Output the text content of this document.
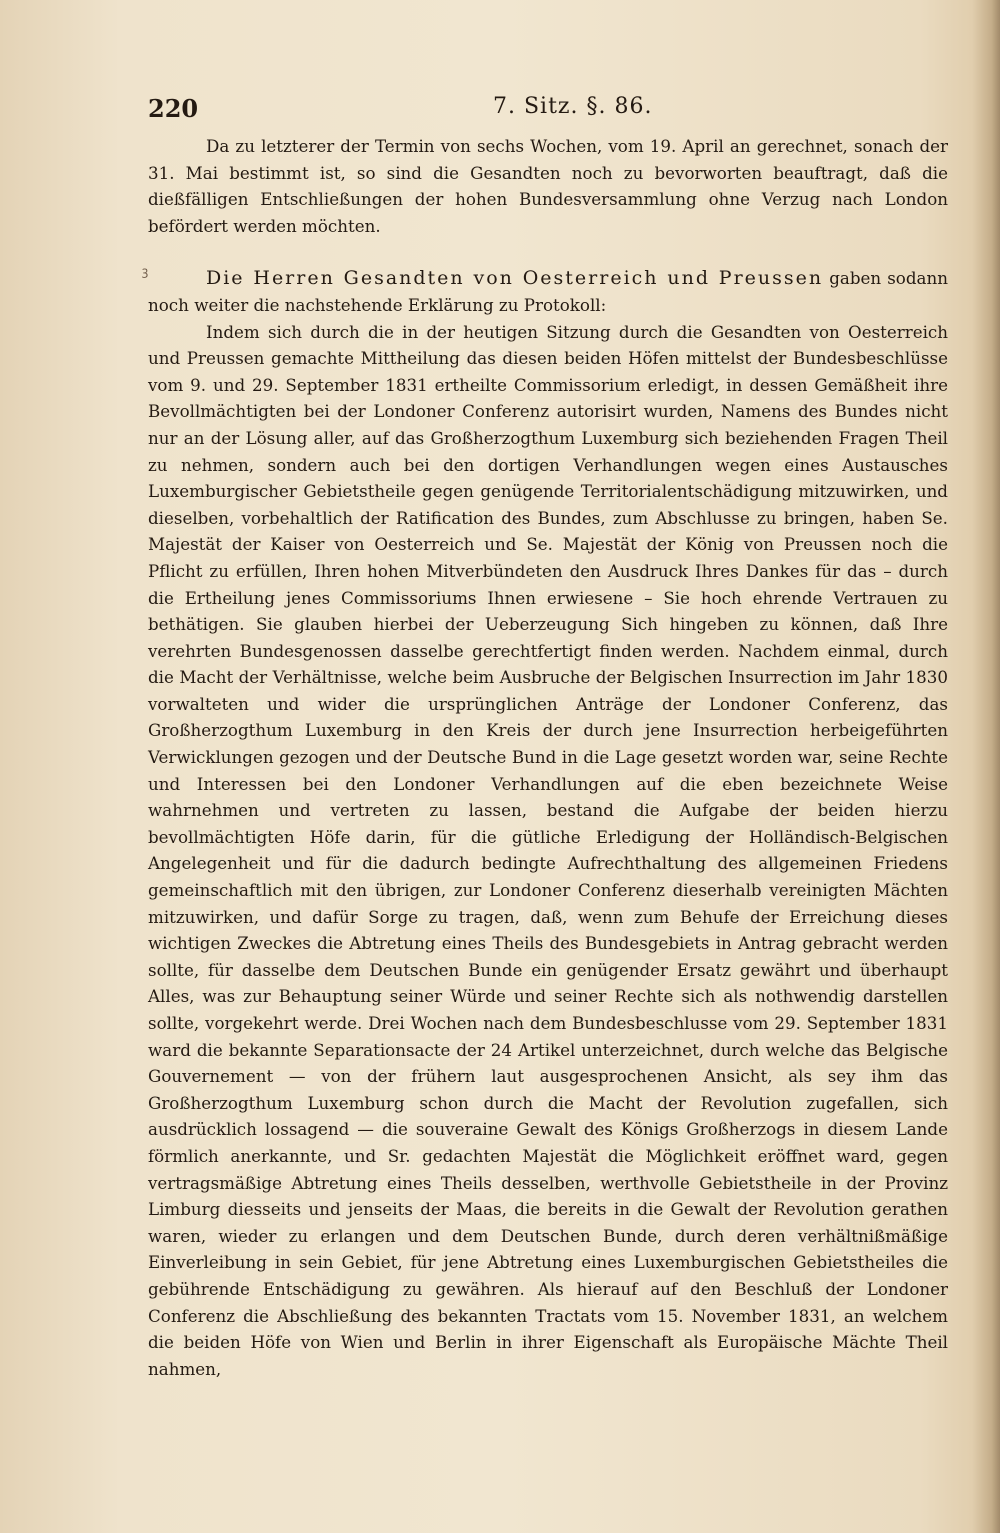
220	7. Sitz. §. 86.
ꝫ

Da zu letzterer der Termin von sechs Wochen, vom 19. April an gerechnet, sonach der 31. Mai bestimmt ist, so sind die Gesandten noch zu bevorworten beauftragt, daß die dießfälligen Entschließungen der hohen Bundesversammlung ohne Verzug nach London befördert werden möchten.

Die Herren Gesandten von Oesterreich und Preussen gaben sodann noch weiter die nachstehende Erklärung zu Protokoll:

Indem sich durch die in der heutigen Sitzung durch die Gesandten von Oesterreich und Preussen gemachte Mittheilung das diesen beiden Höfen mittelst der Bundesbeschlüsse vom 9. und 29. September 1831 ertheilte Commissorium erledigt, in dessen Gemäßheit ihre Bevollmächtigten bei der Londoner Conferenz autorisirt wurden, Namens des Bundes nicht nur an der Lösung aller, auf das Großherzogthum Luxemburg sich beziehenden Fragen Theil zu nehmen, sondern auch bei den dortigen Verhandlungen wegen eines Austausches Luxemburgischer Gebietstheile gegen genügende Territorialentschädigung mitzuwirken, und dieselben, vorbehaltlich der Ratification des Bundes, zum Abschlusse zu bringen, haben Se. Majestät der Kaiser von Oesterreich und Se. Majestät der König von Preussen noch die Pflicht zu erfüllen, Ihren hohen Mitverbündeten den Ausdruck Ihres Dankes für das – durch die Ertheilung jenes Commissoriums Ihnen erwiesene – Sie hoch ehrende Vertrauen zu bethätigen. Sie glauben hierbei der Ueberzeugung Sich hingeben zu können, daß Ihre verehrten Bundesgenossen dasselbe gerechtfertigt finden werden. Nachdem einmal, durch die Macht der Verhältnisse, welche beim Ausbruche der Belgischen Insurrection im Jahr 1830 vorwalteten und wider die ursprünglichen Anträge der Londoner Conferenz, das Großherzogthum Luxemburg in den Kreis der durch jene Insurrection herbeigeführten Verwicklungen gezogen und der Deutsche Bund in die Lage gesetzt worden war, seine Rechte und Interessen bei den Londoner Verhandlungen auf die eben bezeichnete Weise wahrnehmen und vertreten zu lassen, bestand die Aufgabe der beiden hierzu bevollmächtigten Höfe darin, für die gütliche Erledigung der Holländisch-Belgischen Angelegenheit und für die dadurch bedingte Aufrechthaltung des allgemeinen Friedens gemeinschaftlich mit den übrigen, zur Londoner Conferenz dieserhalb vereinigten Mächten mitzuwirken, und dafür Sorge zu tragen, daß, wenn zum Behufe der Erreichung dieses wichtigen Zweckes die Abtretung eines Theils des Bundesgebiets in Antrag gebracht werden sollte, für dasselbe dem Deutschen Bunde ein genügender Ersatz gewährt und überhaupt Alles, was zur Behauptung seiner Würde und seiner Rechte sich als nothwendig darstellen sollte, vorgekehrt werde. Drei Wochen nach dem Bundesbeschlusse vom 29. September 1831 ward die bekannte Separationsacte der 24 Artikel unterzeichnet, durch welche das Belgische Gouvernement — von der frühern laut ausgesprochenen Ansicht, als sey ihm das Großherzogthum Luxemburg schon durch die Macht der Revolution zugefallen, sich ausdrücklich lossagend — die souveraine Gewalt des Königs Großherzogs in diesem Lande förmlich anerkannte, und Sr. gedachten Majestät die Möglichkeit eröffnet ward, gegen vertragsmäßige Abtretung eines Theils desselben, werthvolle Gebietstheile in der Provinz Limburg diesseits und jenseits der Maas, die bereits in die Gewalt der Revolution gerathen waren, wieder zu erlangen und dem Deutschen Bunde, durch deren verhältnißmäßige Einverleibung in sein Gebiet, für jene Abtretung eines Luxemburgischen Gebietstheiles die gebührende Entschädigung zu gewähren. Als hierauf auf den Beschluß der Londoner Conferenz die Abschließung des bekannten Tractats vom 15. November 1831, an welchem die beiden Höfe von Wien und Berlin in ihrer Eigenschaft als Europäische Mächte Theil nahmen,
